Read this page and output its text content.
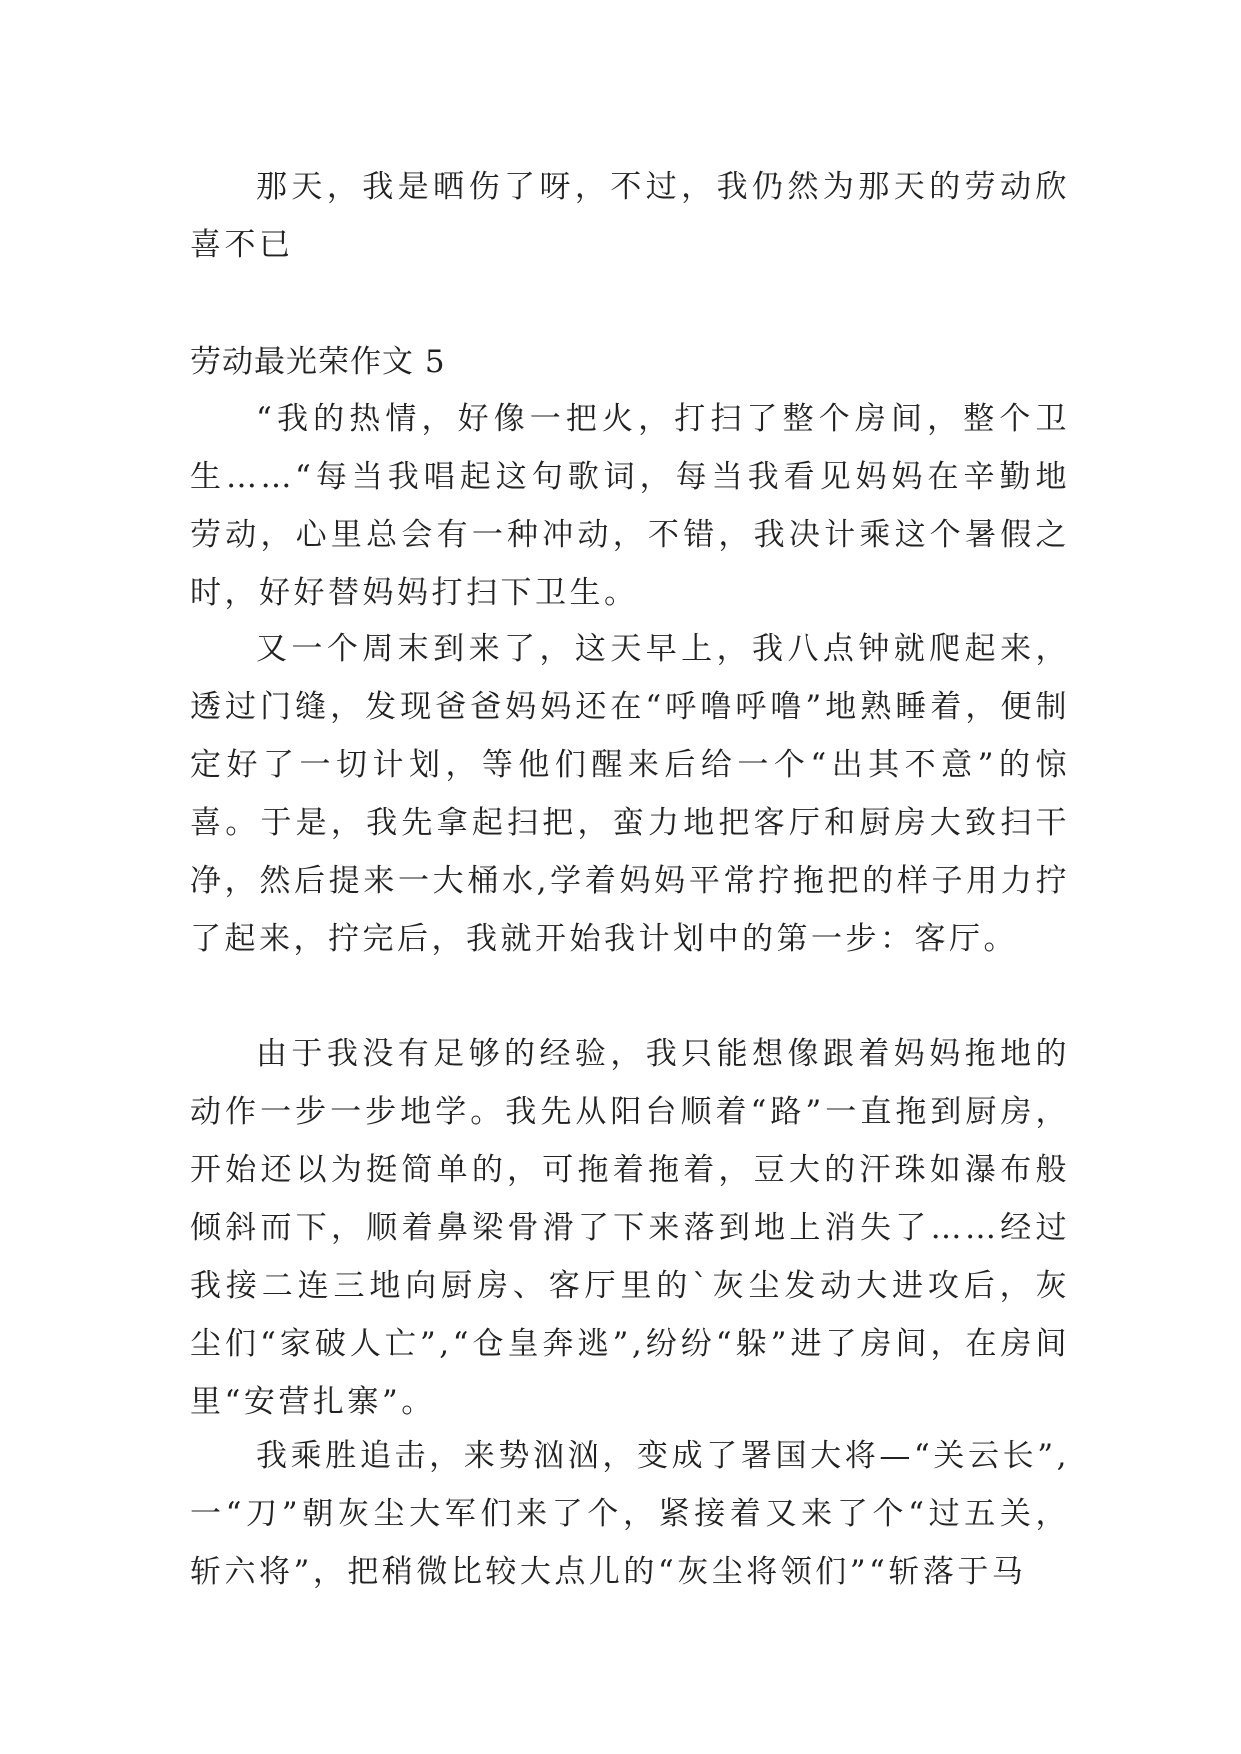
那天，我是晒伤了呀，不过，我仍然为那天的劳动欣喜不已

劳动最光荣作文 5

“我的热情，好像一把火，打扫了整个房间，整个卫生……“每当我唱起这句歌词，每当我看见妈妈在辛勤地劳动，心里总会有一种冲动，不错，我决计乘这个暑假之时，好好替妈妈打扫下卫生。

又一个周末到来了，这天早上，我八点钟就爬起来，透过门缝，发现爸爸妈妈还在“呼噜呼噜”地熟睡着，便制定好了一切计划，等他们醒来后给一个“出其不意”的惊喜。于是，我先拿起扫把，蛮力地把客厅和厨房大致扫干净，然后提来一大桶水,学着妈妈平常拧拖把的样子用力拧了起来，拧完后，我就开始我计划中的第一步：客厅。

由于我没有足够的经验，我只能想像跟着妈妈拖地的动作一步一步地学。我先从阳台顺着“路”一直拖到厨房，开始还以为挺简单的，可拖着拖着，豆大的汗珠如瀑布般倾斜而下，顺着鼻梁骨滑了下来落到地上消失了……经过我接二连三地向厨房、客厅里的`灰尘发动大进攻后，灰尘们“家破人亡”,“仓皇奔逃”,纷纷“躲”进了房间，在房间里“安营扎寨”。

我乘胜追击，来势汹汹，变成了署国大将—“关云长”,一“刀”朝灰尘大军们来了个，紧接着又来了个“过五关，斩六将”，把稍微比较大点儿的“灰尘将领们”“斩落于马
